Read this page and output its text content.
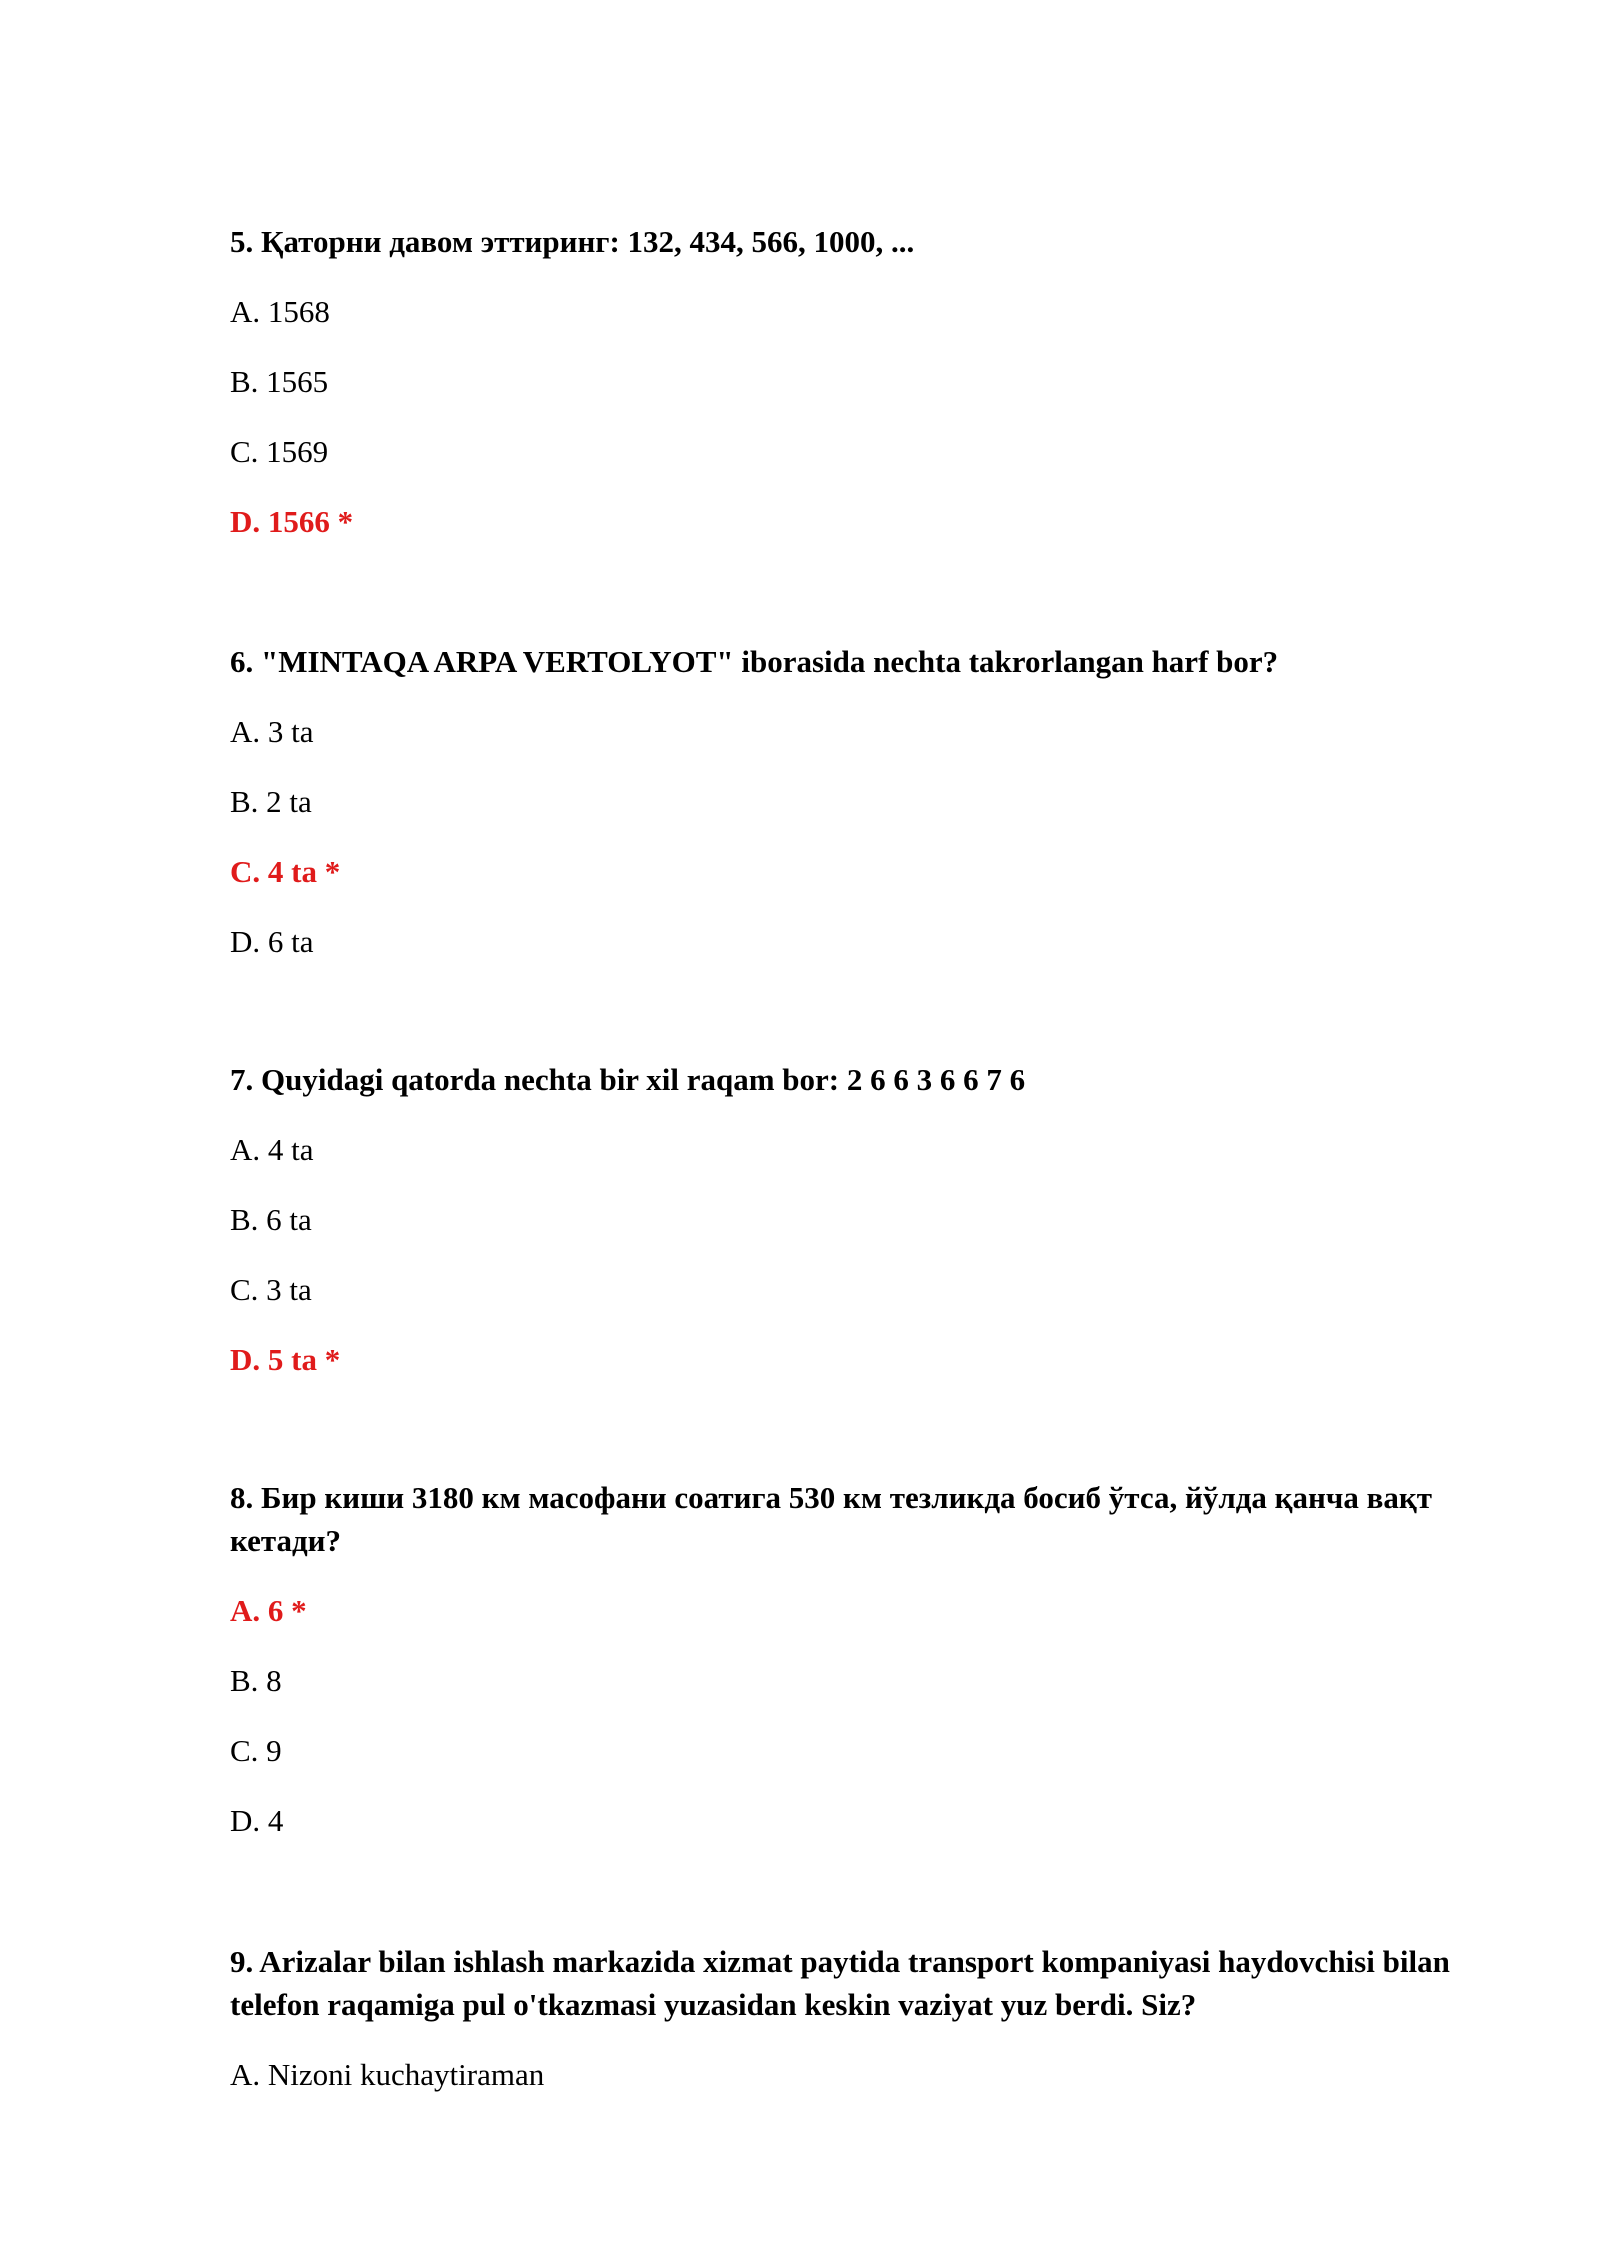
5. Қаторни давом эттиринг: 132, 434, 566, 1000, ...

A. 1568
B. 1565
C. 1569
D. 1566 *

6. "MINTAQA ARPA VERTOLYOT" iborasida nechta takrorlangan harf bor?

A. 3 ta
B. 2 ta
C. 4 ta *
D. 6 ta

7. Quyidagi qatorda nechta bir xil raqam bor: 2 6 6 3 6 6 7 6

A. 4 ta
B. 6 ta
C. 3 ta
D. 5 ta *

8. Бир киши 3180 км масофани соатига 530 км тезликда босиб ўтса, йўлда қанча вақт кетади?

A. 6 *
B. 8
C. 9
D. 4

9. Arizalar bilan ishlash markazida xizmat paytida transport kompaniyasi haydovchisi bilan telefon raqamiga pul o'tkazmasi yuzasidan keskin vaziyat yuz berdi. Siz?

A. Nizoni kuchaytiraman
